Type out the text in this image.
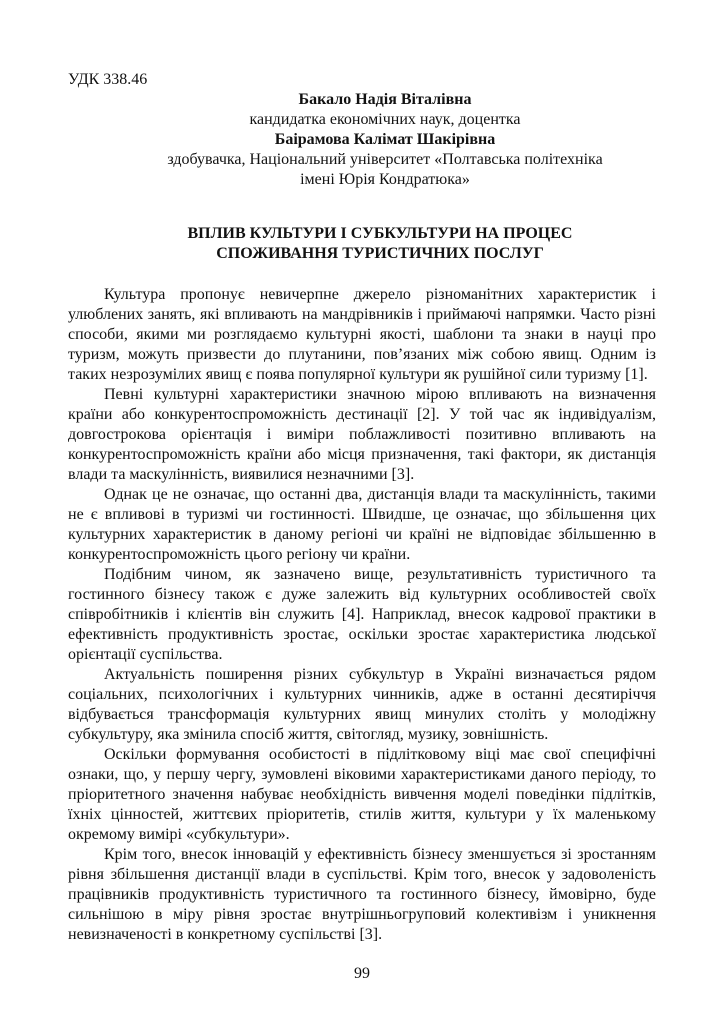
УДК 338.46
Бакало Надія Віталівна
кандидатка економічних наук, доцентка
Баірамова Калімат Шакірівна
здобувачка, Національний університет «Полтавська політехніка
імені Юрія Кондратюка»
ВПЛИВ КУЛЬТУРИ І СУБКУЛЬТУРИ НА ПРОЦЕС
СПОЖИВАННЯ ТУРИСТИЧНИХ ПОСЛУГ

Культура пропонує невичерпне джерело різноманітних характеристик і улюблених занять, які впливають на мандрівників і приймаючі напрямки. Часто різні способи, якими ми розглядаємо культурні якості, шаблони та знаки в науці про туризм, можуть призвести до плутанини, пов’язаних між собою явищ. Одним із таких незрозумілих явищ є поява популярної культури як рушійної сили туризму [1].

Певні культурні характеристики значною мірою впливають на визначення країни або конкурентоспроможність дестинації [2]. У той час як індивідуалізм, довгострокова орієнтація і виміри поблажливості позитивно впливають на конкурентоспроможність країни або місця призначення, такі фактори, як дистанція влади та маскулінність, виявилися незначними [3].

Однак це не означає, що останні два, дистанція влади та маскулінність, такими не є впливові в туризмі чи гостинності. Швидше, це означає, що збільшення цих культурних характеристик в даному регіоні чи країні не відповідає збільшенню в конкурентоспроможність цього регіону чи країни.

Подібним чином, як зазначено вище, результативність туристичного та гостинного бізнесу також є дуже залежить від культурних особливостей своїх співробітників і клієнтів він служить [4]. Наприклад, внесок кадрової практики в ефективність продуктивність зростає, оскільки зростає характеристика людської орієнтації суспільства.

Актуальність поширення різних субкультур в Україні визначається рядом соціальних, психологічних і культурних чинників, адже в останні десятиріччя відбувається трансформація культурних явищ минулих століть у молодіжну субкультуру, яка змінила спосіб життя, світогляд, музику, зовнішність.

Оскільки формування особистості в підлітковому віці має свої специфічні ознаки, що, у першу чергу, зумовлені віковими характеристиками даного періоду, то пріоритетного значення набуває необхідність вивчення моделі поведінки підлітків, їхніх цінностей, життєвих пріоритетів, стилів життя, культури у їх маленькому окремому вимірі «субкультури».

Крім того, внесок інновацій у ефективність бізнесу зменшується зі зростанням рівня збільшення дистанції влади в суспільстві. Крім того, внесок у задоволеність працівників продуктивність туристичного та гостинного бізнесу, ймовірно, буде сильнішою в міру рівня зростає внутрішньогруповий колективізм і уникнення невизначеності в конкретному суспільстві [3].

99
